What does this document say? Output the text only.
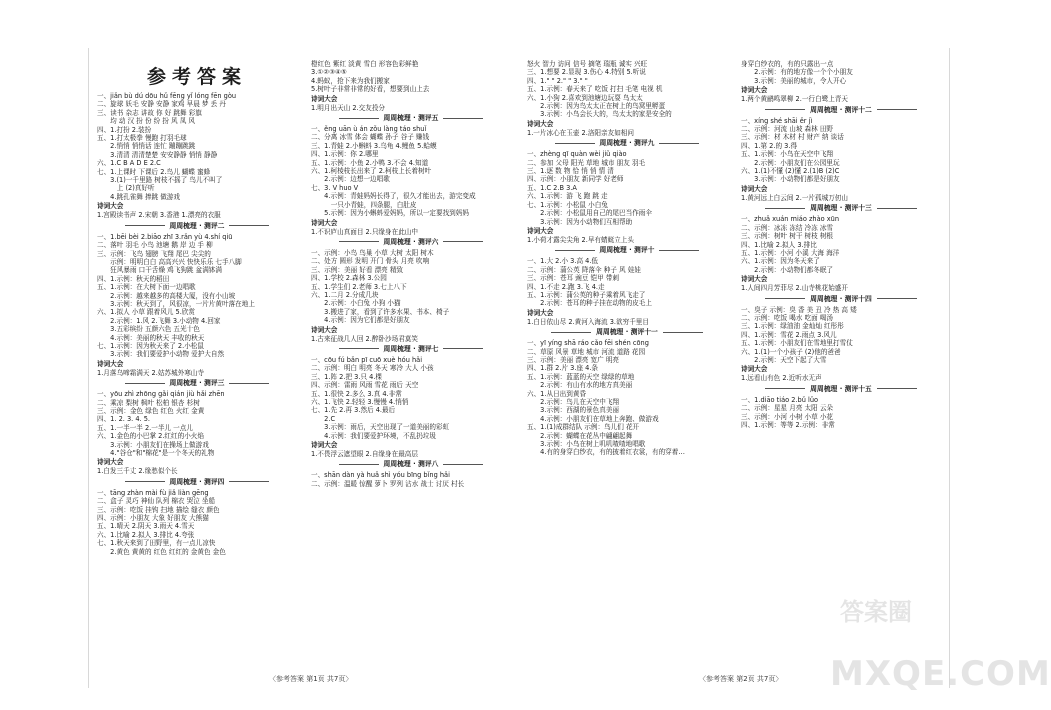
参考答案
一、jiǎn bù dú dōu hǔ fēng yǐ lóng fēn gòu
二、旋球 妖毛 安静 安静 家鸡 早晨 梦 丢 丹
三、读书 杂志 讲故 你 好 跳舞 彩旗
　　均 动 汉 扮 份 纷 扮 风 凤 风
四、1.打扮 2.装扮
五、1.打太极拳 慢跑 打羽毛球
　　2.悄悄 悄悄话 连忙 蹦蹦跳跳
　　3.清清 清清楚楚 安安静静 悄悄 静静
六、1.C B A D E 2.C
七、1.上课时 下课后 2.鸟儿 蝴蝶 蜜蜂
　　3.(1)一千里路 树枝不摇了 鸟儿不叫了
　　　上 (2)真好听
　　4.跳孔雀舞 捧跳 做游戏
诗词大会
1.宫殿读书声 2.宋朝 3.香港 1.漂亮的衣服
周周梳理 · 测评二
一、1.bēi bèi 2.biāo zhī 3.rǎn yù 4.shí qiū
二、落叶 羽毛 小鸟 池塘 鹅 岸 边 手 柳
三、示例：飞鸟 翅膀 飞翔 尾巴 尖尖的
　　示例：明明白白 高高兴兴 快快乐乐 七手八脚
　　狂风暴雨 口干舌燥 鸡飞狗跳 盆满钵满
四、1.示例：秋天的稻田
五、1.示例：在大树下面一边唱歌
　　2.示例：越来越多的高楼大厦，没有小山坡
　　3.示例：秋天到了，风很凉，一片片黄叶落在地上
六、1.拟人 小草 跟着风儿 5.欣赏
　　2.示例：1.风 2.飞舞 3.小动物 4.回家
　　3.五彩缤纷 五颜六色 五光十色
　　4.示例：美丽的秋天 丰收的秋天
七、1.示例：因为秋天来了 2.小松鼠
　　3.示例：我们要爱护小动物 爱护大自然
诗词大会
1.月落乌啼霜满天 2.姑苏城外寒山寺
周周梳理 · 测评三
一、yōu zhì zhōng gǎi qián jiù hǎi zhēn
二、乘凉 梨树 枫叶 松柏 银杏 杉树
三、示例：金色 绿色 红色 火红 金黄
四、1. 2. 3. 4. 5.
五、1.一半一半 2.一半儿 一点儿
六、1.金色的小巴掌 2.红红的小火焰
　　3.示例：小朋友们在操场上做游戏
　　4."谷仓"和"棉花"是一个冬天的礼物
诗词大会
1.白发三千丈 2.缘愁似个长
周周梳理 · 测评四
一、tāng zhàn mài fù jiǎ liàn gēng
二、盒子 灵巧 神仙 队列 棉衣 哭泣 坐船
三、示例：吃饭 挂钩 扫地 描绘 缝衣 颜色
四、示例：小朋友 大象 好朋友 大熊猫
五、1.晴天 2.阴天 3.雨天 4.雪天
六、1.比喻 2.拟人 3.排比 4.夸张
七、1.秋天来到了田野里，有一点儿凉快
　　2.黄色 黄黄的 红色 红红的 金黄色 金色
橙红色 紫红 淡黄 雪白 形容色彩鲜艳
3.①②③④⑤
4.蚂蚁，抢下来为我们搬家
5.树叶子非常非常的好看，想要到山上去
诗词大会
1.明月出天山 2.交友投分
周周梳理 · 测评五
一、ěng uān ù án zǒu làng táo shuǐ
二、分离 冰雪 体会 蝴蝶 孙子 谷子 赚钱
三、1.青蛙 2.小蝌蚪 3.乌龟 4.鲤鱼 5.蛤蟆
四、1.示例：你 2.哪里
五、1.示例：小鱼 2.小鸭 3.不会 4.知道
六、1.柯棱枝长出来了 2.柯枝上长着树叶
　　2.示例：边想一边唱歌
七、3. V huo V
　　4.示例：青蛙妈妈长得了，很久才能出去，游完变成
　　　一只小青蛙，四条腿，白肚皮
　　5.示例：因为小蝌蚪爱妈妈，所以一定要找到妈妈
诗词大会
1.不识庐山真面目 2.只缘身在此山中
周周梳理 · 测评六
一、示例：小鸟 鸟巢 小草 大树 太阳 树木
二、处方 圆形 发明 开门 骨头 月亮 吹响
三、示例：美丽 好看 漂亮 精致
四、1.学校 2.森林 3.公园
五、1.学生们 2.老师 3.七上八下
六、1.二月 2.分成几块
　　2.示例：小白兔 小狗 小猫
　　3.搬进了家，看到了许多水果、书本、椅子
　　4.示例：因为它们都是好朋友
诗词大会
1.古来征战几人回 2.醉卧沙场君莫笑
周周梳理 · 测评七
一、cōu fú bǎn pī cuō xuè hóu hǎi
二、示例：明白 明亮 冬天 寒冷 大人 小孩
三、1.阵 2.把 3.只 4.棵
四、示例：雷雨 风雨 雪花 雨后 天空
五、1.很快 2.多么 3.真 4.非常
六、1.飞快 2.轻轻 3.慢慢 4.悄悄
七、1.先 2.再 3.然后 4.最后
　　2.C
　　3.示例：雨后，天空出现了一道美丽的彩虹
　　4.示例：我们要爱护环境，不乱扔垃圾
诗词大会
1.不畏浮云遮望眼 2.自缘身在最高层
周周梳理 · 测评八
一、shān dàn yà huǎ shì yóu bīng bǐng hǎi
二、示例：温暖 惊醒 萝卜 罗列 沾水 战士 讨厌 村长
怒火 智力 访问 信号 摘笔 瑞瓶 诚实 兴旺
三、1.想要 2.显现 3.伤心 4.特别 5.听说
四、1." " 2." " 3." "
五、1.示例：春天来了 吃饭 打扫 毛笔 电视 机
六、1.小狗 2.喜欢到池塘边玩耍 鸟太太
　　2.示例：因为鸟太太正在树上的鸟窝里孵蛋
　　3.示例：小鸟会长大的，鸟太太的家是安全的
诗词大会
1.一片冰心在玉壶 2.洛阳亲友如相问
周周梳理 · 测评九
一、zhèng qī quàn wèi jiǔ qiào
二、参加 父母 阳光 草地 城市 朋友 羽毛
三、1.逐 数 物 恰 悄 悄 情 清
四、示例：小朋友 新同学 好老师
五、1.C 2.B 3.A
六、1.示例：游 飞 跑 跳 走
七、1.示例：小松鼠 小白兔
　　2.示例：小松鼠用自己的尾巴当作雨伞
　　3.示例：因为小动物们互相帮助
诗词大会
1.小荷才露尖尖角 2.早有蜻蜓立上头
周周梳理 · 测评十
一、1.大 2.小 3.高 4.低
二、示例：蒲公英 降落伞 种子 风 娃娃
三、示例：苍耳 豌豆 铠甲 带刺
四、1.不走 2.跑 3.飞 4.走
五、1.示例：蒲公英的种子乘着风飞走了
　　2.示例：苍耳的种子挂在动物的皮毛上
诗词大会
1.白日依山尽 2.黄河入海流 3.欲穷千里目
周周梳理 · 测评十一
一、yī yíng shā ráo cǎo fēi shén cōng
二、草原 风景 草地 城市 河流 道路 花园
三、示例：美丽 漂亮 宽广 明亮
四、1.群 2.片 3.座 4.条
五、1.示例：蓝蓝的天空 绿绿的草地
　　2.示例：有山有水的地方真美丽
六、1.从日出到黄昏
　　2.示例：鸟儿在天空中飞翔
　　3.示例：西湖的景色真美丽
　　4.示例：小朋友们在草地上奔跑、做游戏
五、1.(1)成群结队 示例：鸟儿们 花开
　　2.示例：蝴蝶在花丛中翩翩起舞
　　3.示例：小鸟在树上叽叽喳喳地唱歌
　　4.有的身穿白纱衣，有的披着红衣裳，有的穿着…
身穿白纱衣的，有的只露出一点
　　2.示例：有的地方像一个个小朋友
　　3.示例：美丽的城市，令人开心
诗词大会
1.两个黄鹂鸣翠柳 2.一行白鹭上青天
周周梳理 · 测评十二
一、xíng shé shāi ěr jì
二、示例：河流 山坡 森林 田野
三、示例：材 木材 村 财产 纳 谈话
四、1.第 2.的 3.得
五、1.示例：小鸟在天空中飞翔
　　2.示例：小朋友们在公园里玩
六、1.(1)不懂 (2)懂 2.(1)B (2)C
　　3.示例：小动物们都是好朋友
诗词大会
1.黄河远上白云间 2.一片孤城万仞山
周周梳理 · 测评十三
一、zhuǎ xuán miáo zhào xūn
二、示例：冰冻 冻结 冷冻 冰雪
三、示例：树叶 树干 树枝 树根
四、1.比喻 2.拟人 3.排比
五、1.示例：小河 小溪 大海 海洋
六、1.示例：因为冬天来了
　　2.示例：小动物们都冬眠了
诗词大会
1.人间四月芳菲尽 2.山寺桃花始盛开
周周梳理 · 测评十四
一、臭子 示例：臭 香 美 丑 冷 热 高 矮
二、示例：吃饭 喝水 吃面 喝汤
三、1.示例：绿油油 金灿灿 红彤彤
四、1.示例：雪花 2.雨点 3.风儿
五、1.示例：小朋友们在雪地里打雪仗
六、1.(1)一个小孩子 (2)他的爸爸
　　2.示例：天空下起了大雪
诗词大会
1.远看山有色 2.近听水无声
周周梳理 · 测评十五
一、1.diāo tiáo 2.bǔ lǔo
二、示例：星星 月亮 太阳 云朵
三、示例：小河 小树 小草 小花
四、1.示例：等等 2.示例：非常
〈参考答案 第1页 共7页〉	〈参考答案 第2页 共7页〉
答案圈
MXQE.COM
